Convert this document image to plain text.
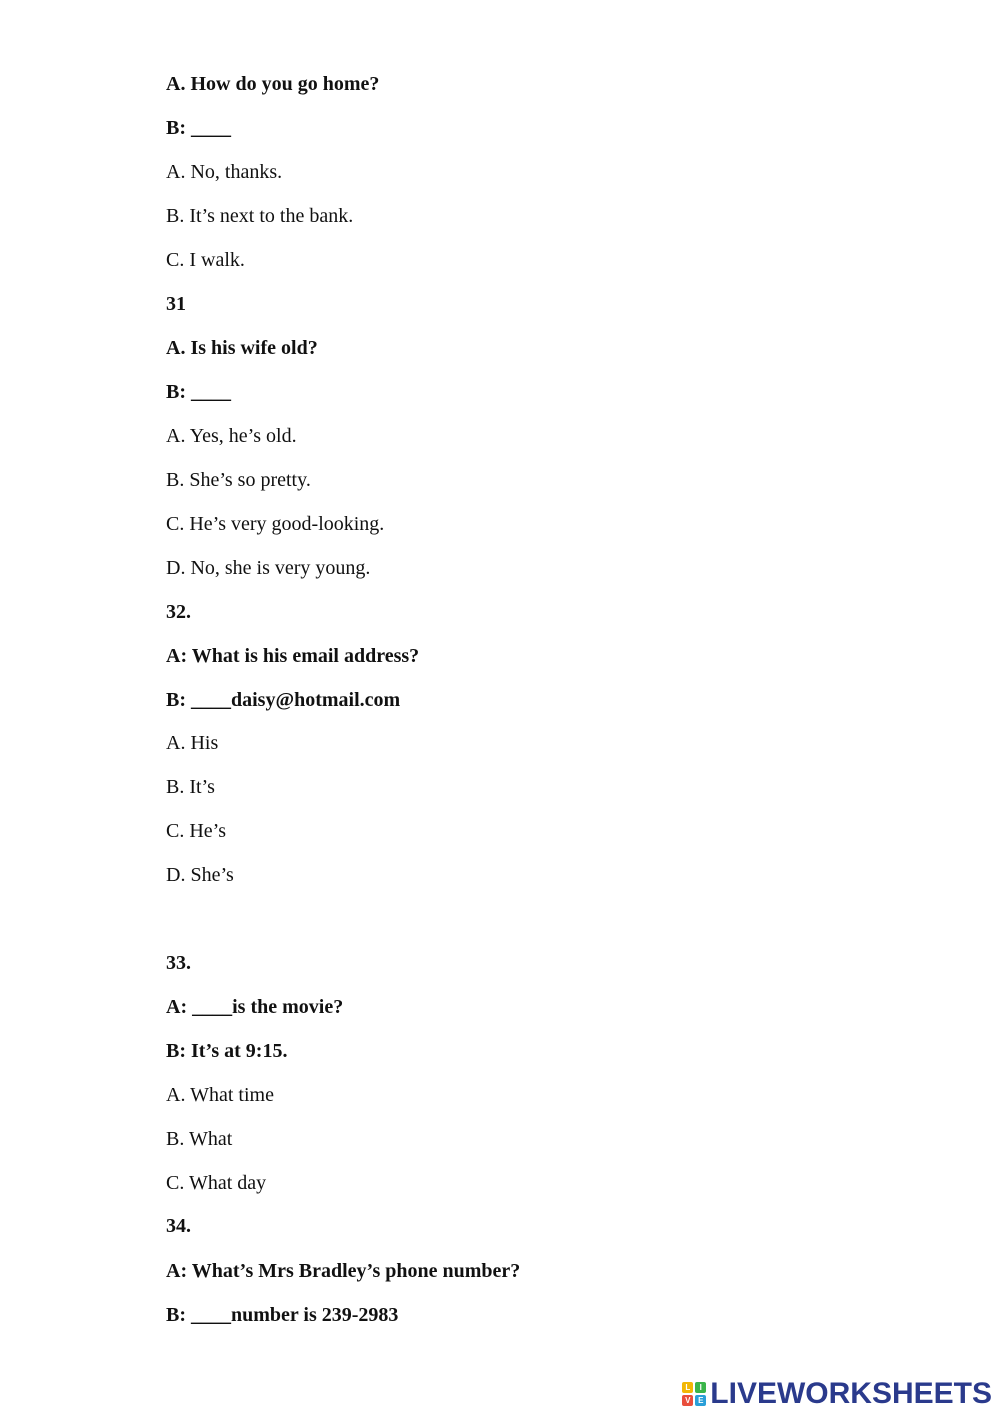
A. How do you go home?
B: ____
A. No, thanks.
B. It’s next to the bank.
C. I walk.
31
A. Is his wife old?
B: ____
A. Yes, he’s old.
B. She’s so pretty.
C. He’s very good-looking.
D. No, she is very young.
32.
A: What is his email address?
B: ____daisy@hotmail.com
A. His
B. It’s
C. He’s
D. She’s
33.
A: ____is the movie?
B: It’s at 9:15.
A. What time
B. What
C. What day
34.
A: What’s Mrs Bradley’s phone number?
B: ____number is 239-2983
L	I
V E LIVEWORKSHEETS
